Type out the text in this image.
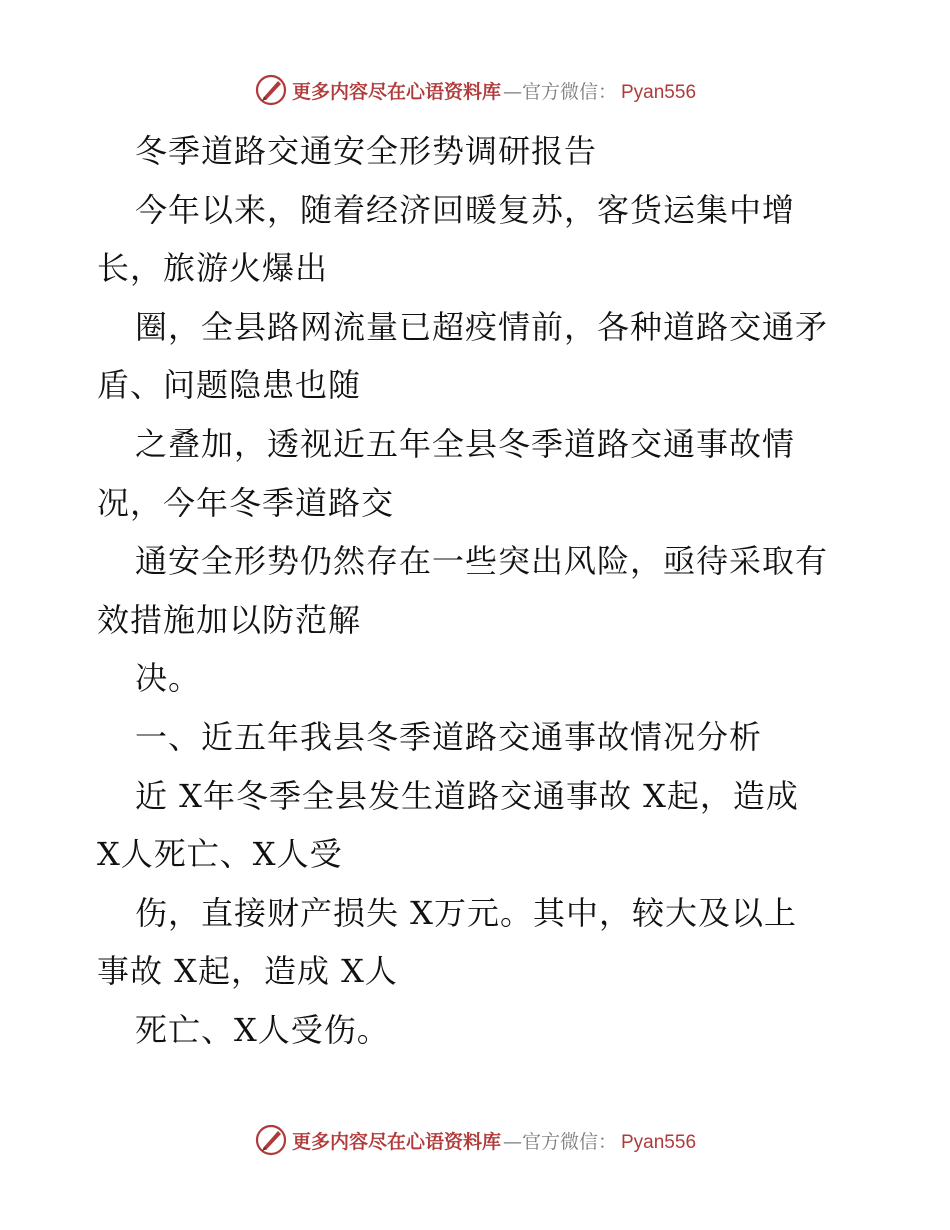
更多内容尽在心语资料库 —官方微信： Pyan556
冬季道路交通安全形势调研报告
今年以来，随着经济回暖复苏，客货运集中增
长，旅游火爆出
圈，全县路网流量已超疫情前，各种道路交通矛
盾、问题隐患也随
之叠加，透视近五年全县冬季道路交通事故情
况，今年冬季道路交
通安全形势仍然存在一些突出风险，亟待采取有
效措施加以防范解
决。
一、近五年我县冬季道路交通事故情况分析
近 X年冬季全县发生道路交通事故 X起，造成
X人死亡、X人受
伤，直接财产损失 X万元。其中，较大及以上
事故 X起，造成 X人
死亡、X人受伤。
更多内容尽在心语资料库 —官方微信： Pyan556
